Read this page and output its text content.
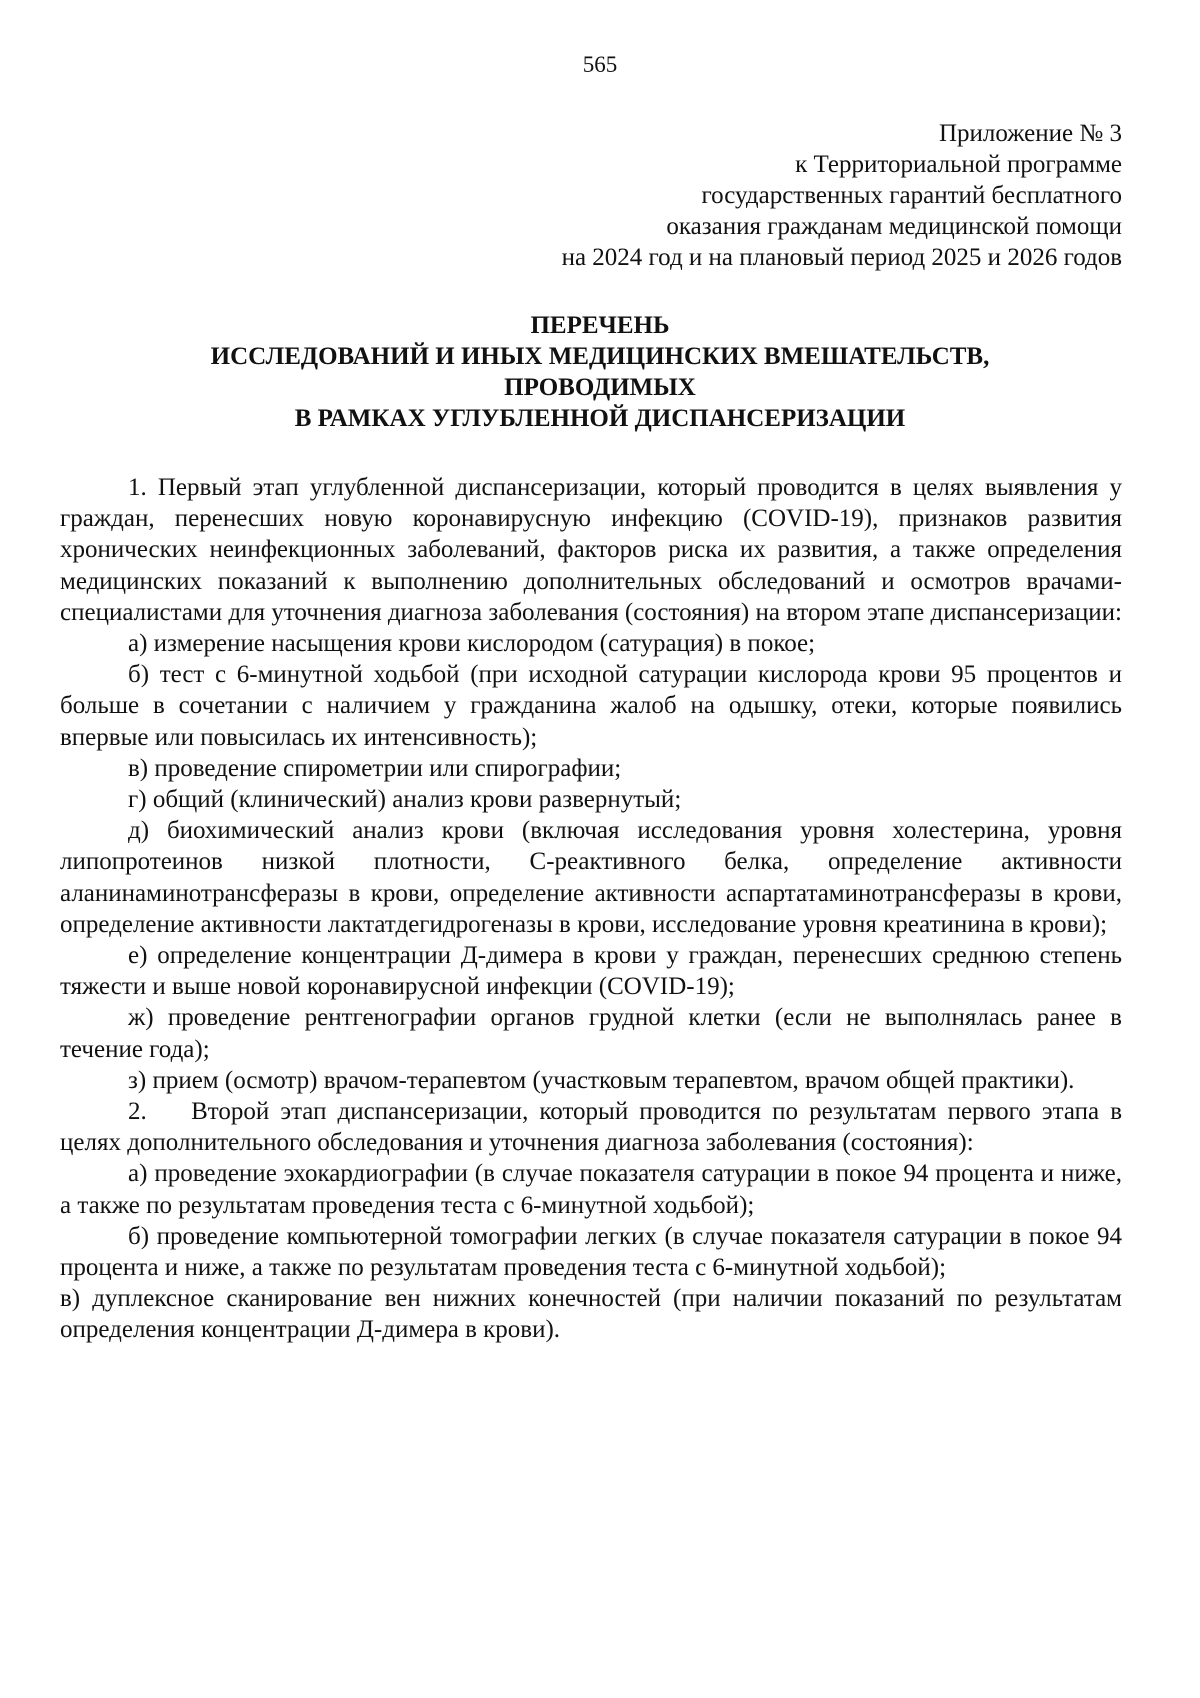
565
Приложение № 3
к Территориальной программе
государственных гарантий бесплатного
оказания гражданам медицинской помощи
на 2024 год и на плановый период 2025 и 2026 годов
ПЕРЕЧЕНЬ
ИССЛЕДОВАНИЙ И ИНЫХ МЕДИЦИНСКИХ ВМЕШАТЕЛЬСТВ,
ПРОВОДИМЫХ
В РАМКАХ УГЛУБЛЕННОЙ ДИСПАНСЕРИЗАЦИИ

1. Первый этап углубленной диспансеризации, который проводится в целях выявления у граждан, перенесших новую коронавирусную инфекцию (COVID-19), признаков развития хронических неинфекционных заболеваний, факторов риска их развития, а также определения медицинских показаний к выполнению дополнительных обследований и осмотров врачами-специалистами для уточнения диагноза заболевания (состояния) на втором этапе диспансеризации:

а) измерение насыщения крови кислородом (сатурация) в покое;

б) тест с 6-минутной ходьбой (при исходной сатурации кислорода крови 95 процентов и больше в сочетании с наличием у гражданина жалоб на одышку, отеки, которые появились впервые или повысилась их интенсивность);

в) проведение спирометрии или спирографии;

г) общий (клинический) анализ крови развернутый;

д) биохимический анализ крови (включая исследования уровня холестерина, уровня липопротеинов низкой плотности, С-реактивного белка, определение активности аланинаминотрансферазы в крови, определение активности аспартатаминотрансферазы в крови, определение активности лактатдегидрогеназы в крови, исследование уровня креатинина в крови);

е) определение концентрации Д-димера в крови у граждан, перенесших среднюю степень тяжести и выше новой коронавирусной инфекции (COVID-19);

ж) проведение рентгенографии органов грудной клетки (если не выполнялась ранее в течение года);

з) прием (осмотр) врачом-терапевтом (участковым терапевтом, врачом общей практики).

2.    Второй этап диспансеризации, который проводится по результатам первого этапа в целях дополнительного обследования и уточнения диагноза заболевания (состояния):

а) проведение эхокардиографии (в случае показателя сатурации в покое 94 процента и ниже, а также по результатам проведения теста с 6-минутной ходьбой);

б) проведение компьютерной томографии легких (в случае показателя сатурации в покое 94 процента и ниже, а также по результатам проведения теста с 6-минутной ходьбой);

в) дуплексное сканирование вен нижних конечностей (при наличии показаний по результатам определения концентрации Д-димера в крови).
